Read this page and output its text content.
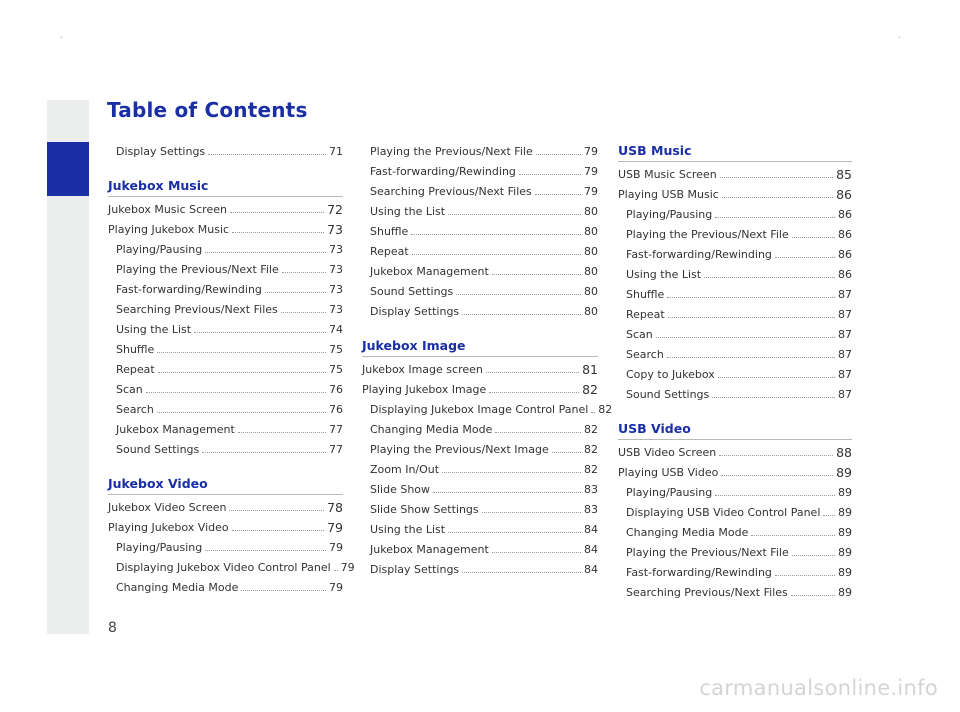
.	.
Table of Contents
Display Settings	71
Jukebox Music
Jukebox Music Screen	72
Playing Jukebox Music	73
Playing/Pausing	73
Playing the Previous/Next File	73
Fast-forwarding/Rewinding	73
Searching Previous/Next Files	73
Using the List	74
Shuffle	75
Repeat	75
Scan	76
Search	76
Jukebox Management	77
Sound Settings	77
Jukebox Video
Jukebox Video Screen	78
Playing Jukebox Video	79
Playing/Pausing	79
Displaying Jukebox Video Control Panel 79
Changing Media Mode	79
Playing the Previous/Next File	79
Fast-forwarding/Rewinding	79
Searching Previous/Next Files	79
Using the List	80
Shuffle	80
Repeat	80
Jukebox Management	80
Sound Settings	80
Display Settings	80
Jukebox Image
Jukebox Image screen	81
Playing Jukebox Image	82
Displaying Jukebox Image Control Panel 82
Changing Media Mode	82
Playing the Previous/Next Image	82
Zoom In/Out	82
Slide Show	83
Slide Show Settings	83
Using the List	84
Jukebox Management	84
Display Settings	84
USB Music
USB Music Screen	85
Playing USB Music	86
Playing/Pausing	86
Playing the Previous/Next File	86
Fast-forwarding/Rewinding	86
Using the List	86
Shuffle	87
Repeat	87
Scan	87
Search	87
Copy to Jukebox	87
Sound Settings	87
USB Video
USB Video Screen	88
Playing USB Video	89
Playing/Pausing	89
Displaying USB Video Control Panel 89
Changing Media Mode	89
Playing the Previous/Next File	89
Fast-forwarding/Rewinding	89
Searching Previous/Next Files	89
8
carmanualsonline.info
